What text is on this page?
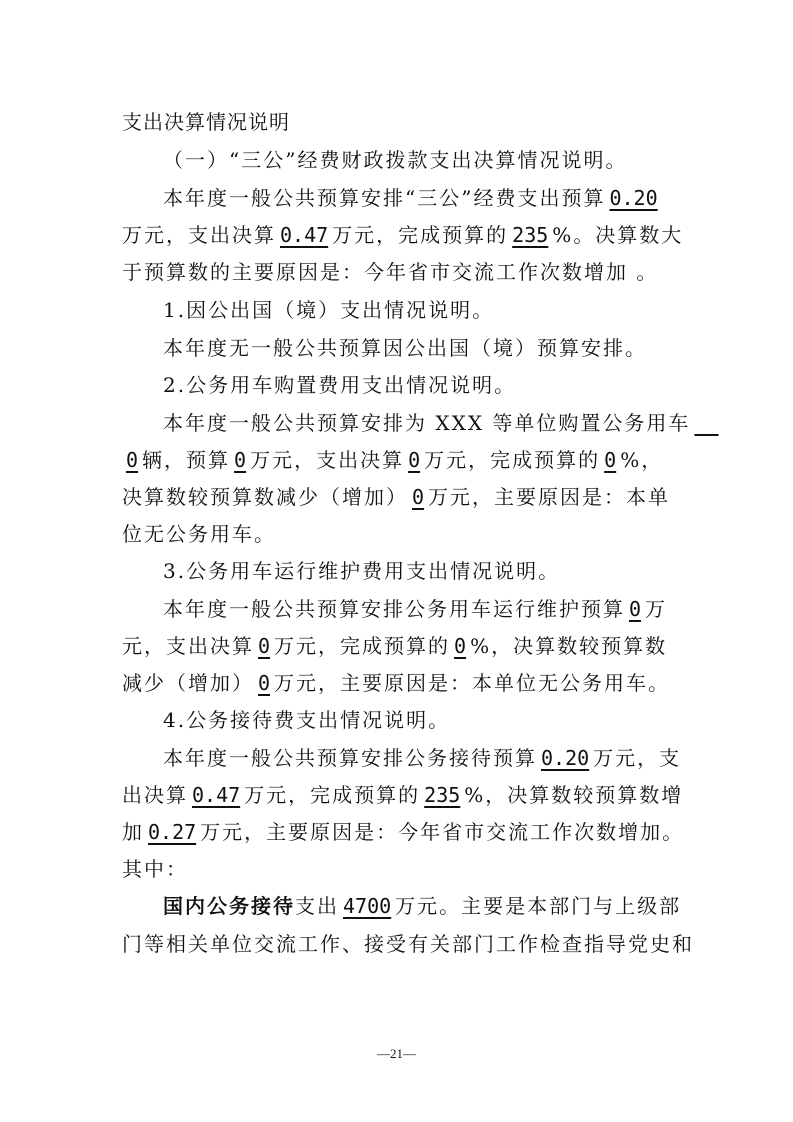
支出决算情况说明
（一）“三公”经费财政拨款支出决算情况说明。
本年度一般公共预算安排“三公”经费支出预算 0.20
万元，支出决算 0.47 万元，完成预算的 235 %。决算数大
于预算数的主要原因是：今年省市交流工作次数增加 。
1.因公出国（境）支出情况说明。
本年度无一般公共预算因公出国（境）预算安排。
2.公务用车购置费用支出情况说明。
本年度一般公共预算安排为 XXX 等单位购置公务用车
0 辆，预算 0 万元，支出决算 0 万元，完成预算的 0 %，
决算数较预算数减少（增加） 0 万元，主要原因是：本单
位无公务用车。
3.公务用车运行维护费用支出情况说明。
本年度一般公共预算安排公务用车运行维护预算 0 万
元，支出决算 0 万元，完成预算的 0 %，决算数较预算数
减少（增加） 0 万元，主要原因是：本单位无公务用车。
4.公务接待费支出情况说明。
本年度一般公共预算安排公务接待预算 0.20 万元，支
出决算 0.47 万元，完成预算的 235 %，决算数较预算数增
加 0.27 万元，主要原因是：今年省市交流工作次数增加。
其中：
国内公务接待支出 4700 万元。主要是本部门与上级部
门等相关单位交流工作、接受有关部门工作检查指导党史和
—21—
